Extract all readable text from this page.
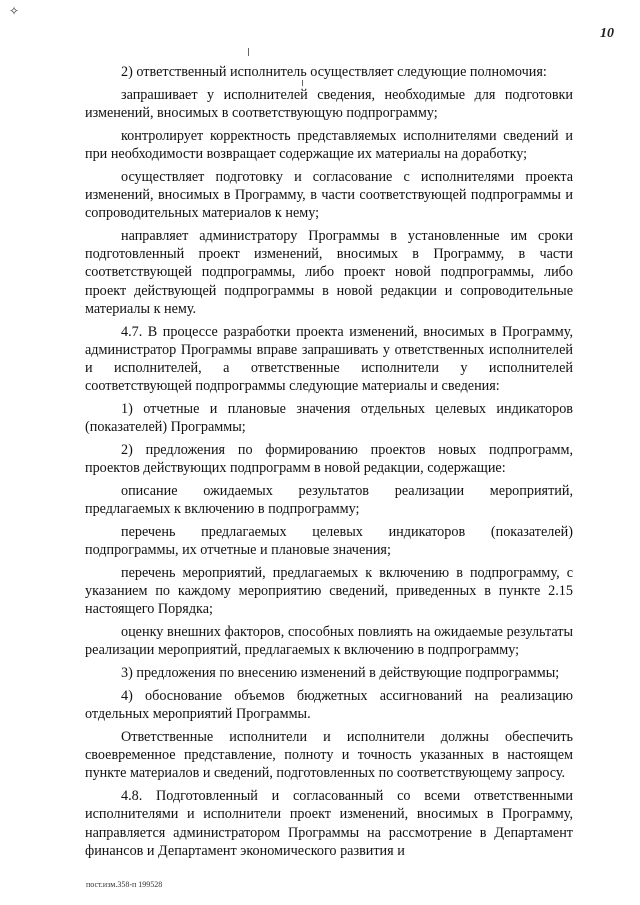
✧
10

2) ответственный исполнитель осуществляет следующие полномочия:

запрашивает у исполнителей сведения, необходимые для подготовки изменений, вносимых в соответствующую подпрограмму;

контролирует корректность представляемых исполнителями сведений и при необходимости возвращает содержащие их материалы на доработку;

осуществляет подготовку и согласование с исполнителями проекта изменений, вносимых в Программу, в части соответствующей подпрограммы и сопроводительных материалов к нему;

направляет администратору Программы в установленные им сроки подготовленный проект изменений, вносимых в Программу, в части соответствующей подпрограммы, либо проект новой подпрограммы, либо проект действующей подпрограммы в новой редакции и сопроводительные материалы к нему.

4.7. В процессе разработки проекта изменений, вносимых в Программу, администратор Программы вправе запрашивать у ответственных исполнителей и исполнителей, а ответственные исполнители у исполнителей соответствующей подпрограммы следующие материалы и сведения:

1) отчетные и плановые значения отдельных целевых индикаторов (показателей) Программы;

2) предложения по формированию проектов новых подпрограмм, проектов действующих подпрограмм в новой редакции, содержащие:

описание ожидаемых результатов реализации мероприятий, предлагаемых к включению в подпрограмму;

перечень предлагаемых целевых индикаторов (показателей) подпрограммы, их отчетные и плановые значения;

перечень мероприятий, предлагаемых к включению в подпрограмму, с указанием по каждому мероприятию сведений, приведенных в пункте 2.15 настоящего Порядка;

оценку внешних факторов, способных повлиять на ожидаемые результаты реализации мероприятий, предлагаемых к включению в подпрограмму;

3) предложения по внесению изменений в действующие подпрограммы;

4) обоснование объемов бюджетных ассигнований на реализацию отдельных мероприятий Программы.

Ответственные исполнители и исполнители должны обеспечить своевременное представление, полноту и точность указанных в настоящем пункте материалов и сведений, подготовленных по соответствующему запросу.

4.8. Подготовленный и согласованный со всеми ответственными исполнителями и исполнители проект изменений, вносимых в Программу, направляется администратором Программы на рассмотрение в Департамент финансов и Департамент экономического развития и

пост.изм.358-п 199528
